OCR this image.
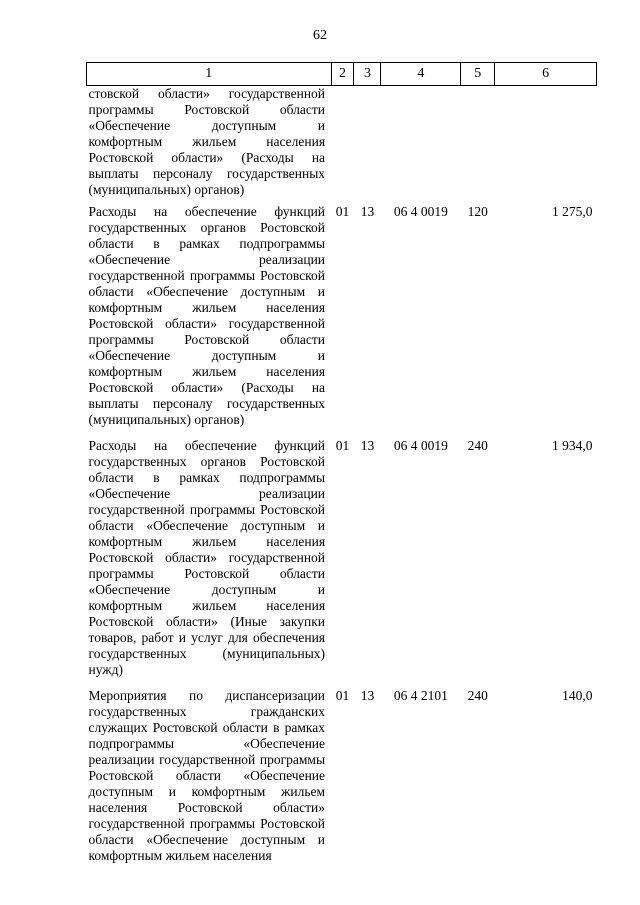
62
1	2	3	4	5	6
стовской области» государственной программы Ростовской области «Обеспечение доступным и комфортным жильем населения Ростовской области» (Расходы на выплаты персоналу государственных (муниципальных) органов)					
Расходы на обеспечение функций государственных органов Ростовской области в рамках подпрограммы «Обеспечение реализации государственной программы Ростовской области «Обеспечение доступным и комфортным жильем населения Ростовской области» государственной программы Ростовской области «Обеспечение доступным и комфортным жильем населения Ростовской области» (Расходы на выплаты персоналу государственных (муниципальных) органов)	01	13	06 4 0019	120	1 275,0
Расходы на обеспечение функций государственных органов Ростовской области в рамках подпрограммы «Обеспечение реализации государственной программы Ростовской области «Обеспечение доступным и комфортным жильем населения Ростовской области» государственной программы Ростовской области «Обеспечение доступным и комфортным жильем населения Ростовской области» (Иные закупки товаров, работ и услуг для обеспечения государственных (муниципальных) нужд)	01	13	06 4 0019	240	1 934,0
Мероприятия по диспансеризации государственных гражданских служащих Ростовской области в рамках подпрограммы «Обеспечение реализации государственной программы Ростовской области «Обеспечение доступным и комфортным жильем населения Ростовской области» государственной программы Ростовской области «Обеспечение доступным и комфортным жильем населения	01	13	06 4 2101	240	140,0
